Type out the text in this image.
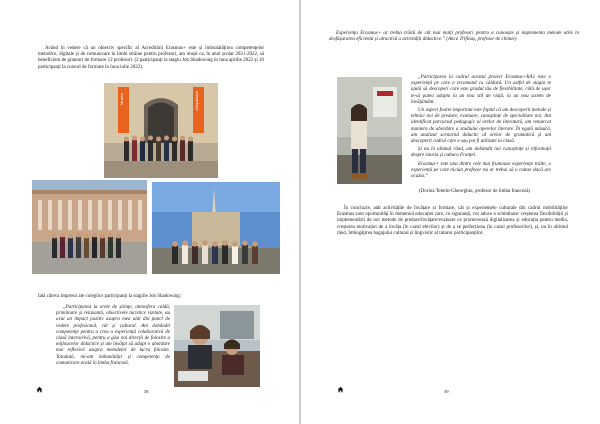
Având în vedere că un obiectiv specific al Acreditării Erasmus+ este și îmbunătățirea competențelor metodice, digitale și de comunicare în limbi străine pentru profesori, am reușit ca, în anul școlar 2021-2022, să beneficiem de granturi de formare 12 profesori. (2 participanți la stagiu Job Shadowing în luna aprilie 2022 și 10 participanți la cursuri de formare în luna iulie 2022).

Musée	d'Aquitaine

Iată câteva impresii ale colegilor participanți la stagiile Job Shadowing:

„Participarea la orele de științe, atmosfera caldă, primitoare și relaxantă, obiectivele turistice vizitate, au avut un impact pozitiv asupra mea atât din punct de vedere profesional, cât și cultural. Am dobândit competențe pentru a crea o experiență colaborativă de clasă interactivă, pentru a găsi noi direcții de folosire a mijloacelor didactice și am învățat să adapt o abordare mai reflexivă asupra metodelor de lucru folosite. Totodată, mi-am îmbunătățit și competența de comunicare orală în limba franceză.

38

Experiența Erasmus+ ar trebui trăită de cât mai mulți profesori pentru a cunoaște și implementa metode utile în desfășurarea eficientă și atractivă a activității didactice.” (Anca Trifinaș, profesor de chimie)

„Participarea la cadrul acestui proiect Erasmus+KA1 este o experiență pe care o recomand cu căldură. Un astfel de stagiu te ajută să descoperi care este gradul tău de flexibilitate, câtă de ușor te-ai putea adapta la un nou stil de viață, la un nou sistem de învățământ.

Un aspect foarte important este faptul că am descoperit metode și tehnici noi de predare, evaluare, cunoștințe de specialitate noi. Am identificat parcursul pedagogic al orelor de literatură, am remarcat maniera de abordare a studiului operelor literare. În egală măsură, am analizat scenariul didactic al orelor de gramatică și am descoperit cadrul care e sau pot fi utilizate la clasă.

Și nu în ultimul rând, am dobândit noi cunoștințe și informații despre istoria și cultura Franței.

Erasmus+ este una dintre cele mai frumoase experiențe trăite, o experiență pe care niciun profesor nu ar trebui să o ratezе dacă are ocazia.”

(Dorina Teletin-Gheorghiu, profesor de limba franceză)

În concluzie, atât activitățile de învățare și formare, cât și experiențele culturale din cadrul mobilităților Erasmus sunt oportunități în domeniul educației care, cu siguranță, vor aduce o schimbare: creșterea flexibilității și implementării de noi metode de predare/învățare/evaluare ce promovează digitalizarea și educația pentru media, creșterea motivației de a învăța (în cazul elevilor) și de a se perfecționa (în cazul profesorilor), și, nu în ultimul rând, îmbogățirea bagajului cultural și lingvistic al tuturor participanților.

39
